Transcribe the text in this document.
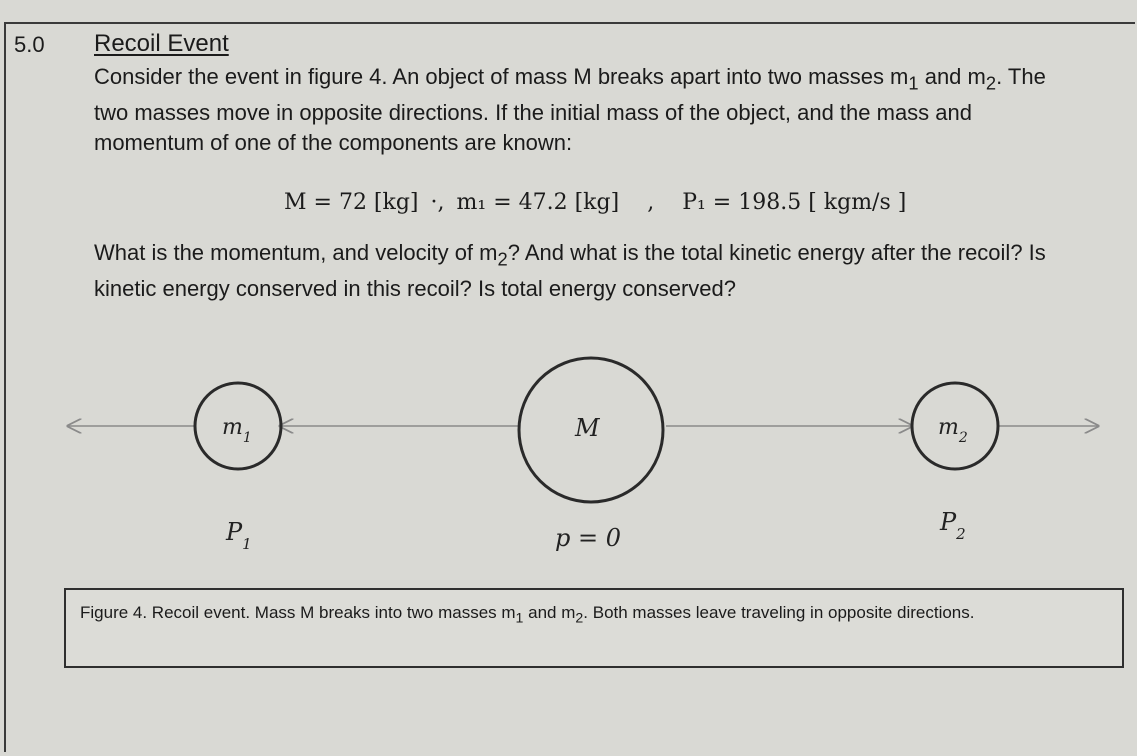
5.0 Recoil Event

Consider the event in figure 4. An object of mass M breaks apart into two masses $m_1$ and $m_2$. The two masses move in opposite directions. If the initial mass of the object, and the mass and momentum of one of the components are known:

M = 72 [kg] ·, m₁ = 47.2 [kg] , P₁ = 198.5 [ kgm/s ]

What is the momentum, and velocity of $m_2$? And what is the total kinetic energy after the recoil? Is kinetic energy conserved in this recoil? Is total energy conserved?

$m_1$	M	$m_2$
$P_1$	p = 0
$P_2$
Figure 4. Recoil event. Mass M breaks into two masses $m_1$ and $m_2$. Both masses leave traveling in opposite directions.
